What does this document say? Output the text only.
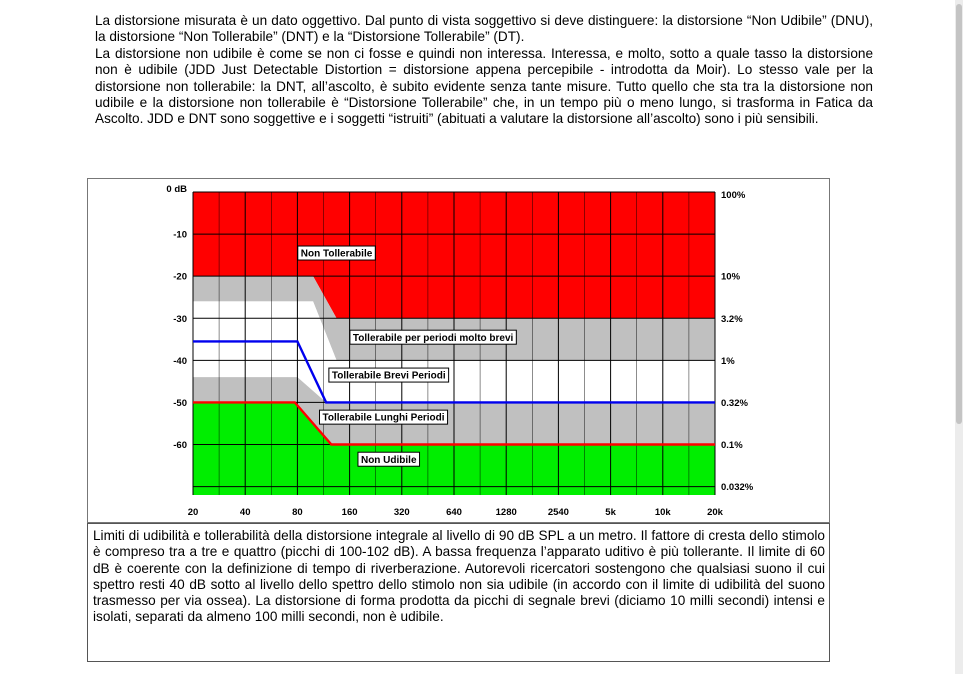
La distorsione misurata è un dato oggettivo. Dal punto di vista soggettivo si deve distinguere: la distorsione “Non Udibile” (DNU), la distorsione “Non Tollerabile” (DNT) e la “Distorsione Tollerabile” (DT).

La distorsione non udibile è come se non ci fosse e quindi non interessa. Interessa, e molto, sotto a quale tasso la distorsione non è udibile (JDD Just Detectable Distortion = distorsione appena percepibile - introdotta da Moir). Lo stesso vale per la distorsione non tollerabile: la DNT, all’ascolto, è subito evidente senza tante misure. Tutto quello che sta tra la distorsione non udibile e la distorsione non tollerabile è “Distorsione Tollerabile” che, in un tempo più o meno lungo, si trasforma in Fatica da Ascolto. JDD e DNT sono soggettive e i soggetti “istruiti” (abituati a valutare la distorsione all’ascolto) sono i più sensibili.

Non Tollerabile
Tollerabile per periodi molto brevi
Tollerabile Brevi Periodi
Tollerabile Lunghi Periodi
Non Udibile
0 dB
-10
-20
-30
-40
-50
-60
100%
10%
3.2%
1%
0.32%
0.1%
0.032%
20	40	80	160	320	640	1280	2540	5k	10k	20k

Limiti di udibilità e tollerabilità della distorsione integrale al livello di 90 dB SPL a un metro. Il fattore di cresta dello stimolo è compreso tra a tre e quattro (picchi di 100-102 dB). A bassa frequenza l’apparato uditivo è più tollerante. Il limite di 60 dB è coerente con la definizione di tempo di riverberazione. Autorevoli ricercatori sostengono che qualsiasi suono il cui spettro resti 40 dB sotto al livello dello spettro dello stimolo non sia udibile (in accordo con il limite di udibilità del suono trasmesso per via ossea). La distorsione di forma prodotta da picchi di segnale brevi (diciamo 10 milli secondi) intensi e isolati, separati da almeno 100 milli secondi, non è udibile.
